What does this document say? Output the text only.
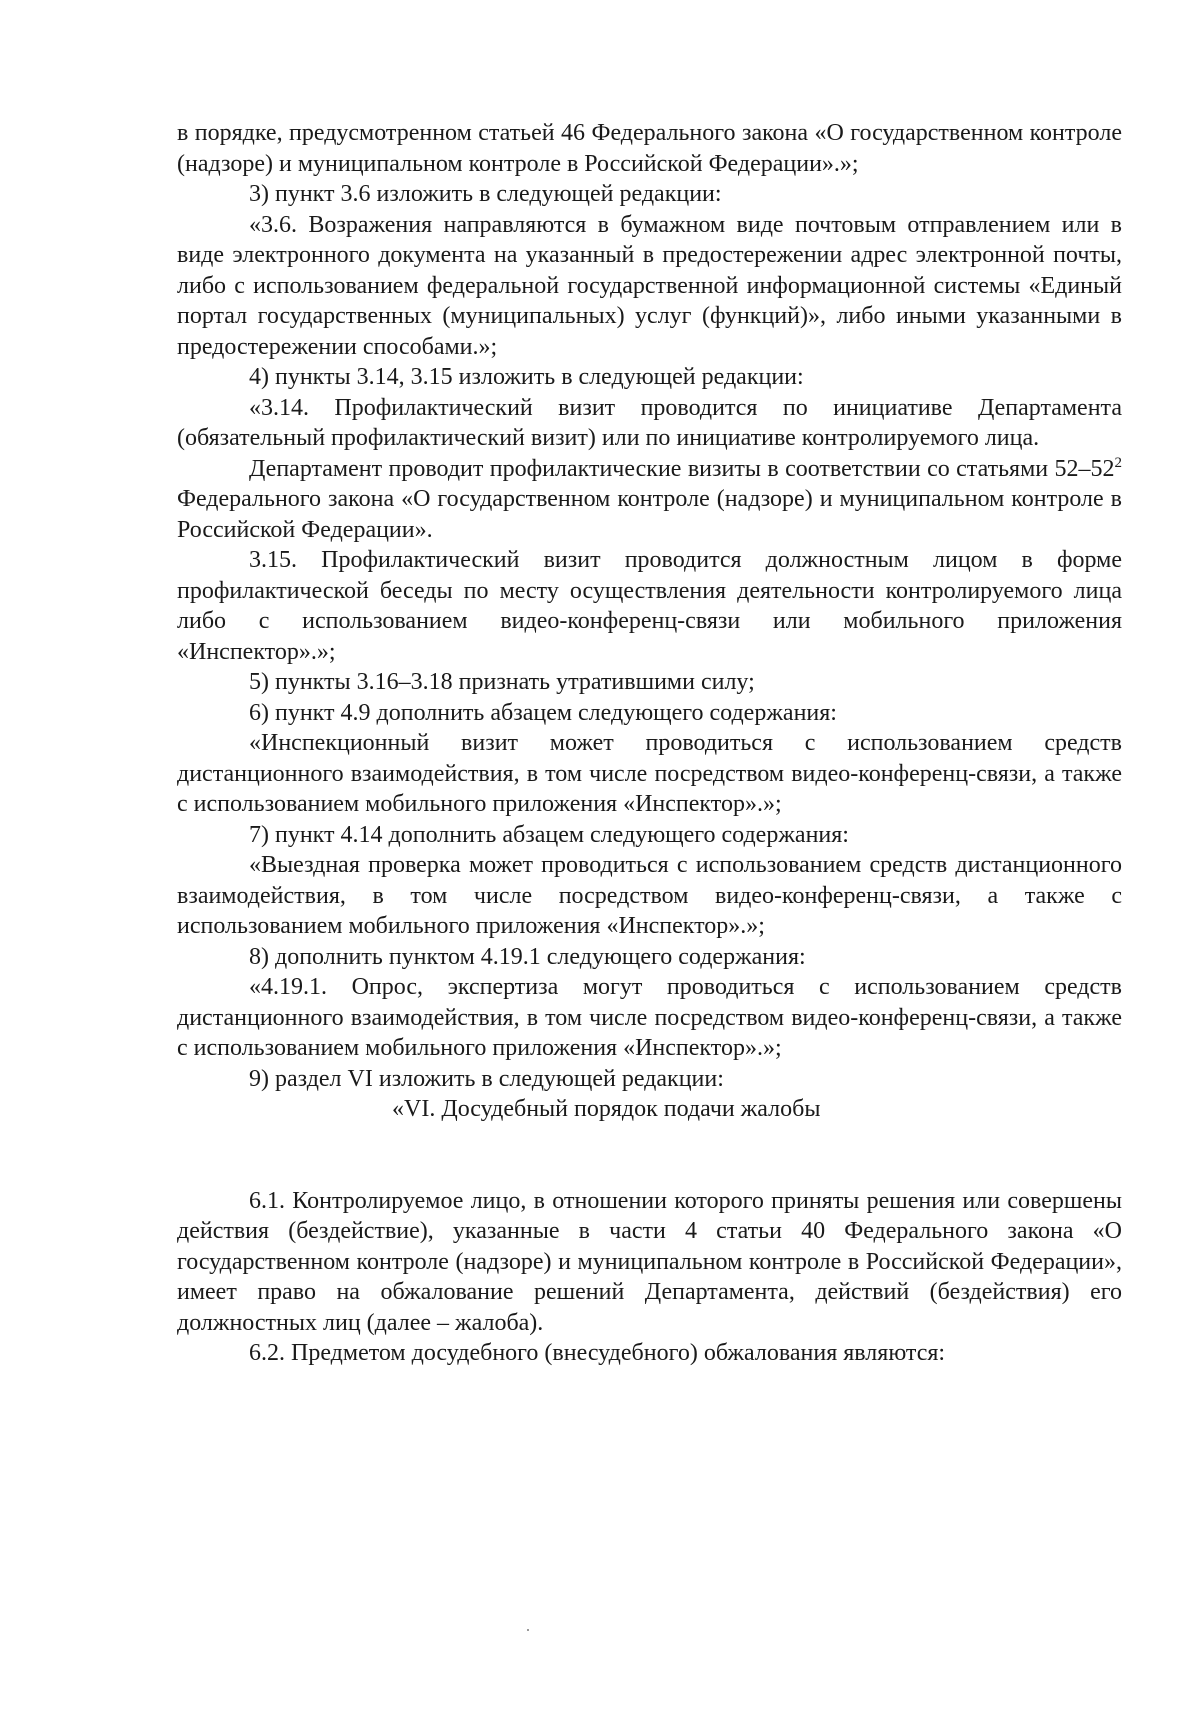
в порядке, предусмотренном статьей 46 Федерального закона «О государственном контроле (надзоре) и муниципальном контроле в Российской Федерации».»;

3) пункт 3.6 изложить в следующей редакции:

«3.6. Возражения направляются в бумажном виде почтовым отправлением или в виде электронного документа на указанный в предостережении адрес электронной почты, либо с использованием федеральной государственной информационной системы «Единый портал государственных (муниципальных) услуг (функций)», либо иными указанными в предостережении способами.»;

4) пункты 3.14, 3.15 изложить в следующей редакции:

«3.14. Профилактический визит проводится по инициативе Департамента (обязательный профилактический визит) или по инициативе контролируемого лица.

Департамент проводит профилактические визиты в соответствии со статьями $52-52^2$ Федерального закона «О государственном контроле (надзоре) и муниципальном контроле в Российской Федерации».

3.15. Профилактический визит проводится должностным лицом в форме профилактической беседы по месту осуществления деятельности контролируемого лица либо с использованием видео-конференц-связи или мобильного приложения «Инспектор».»;

5) пункты 3.16–3.18 признать утратившими силу;

6) пункт 4.9 дополнить абзацем следующего содержания:

«Инспекционный визит может проводиться с использованием средств дистанционного взаимодействия, в том числе посредством видео-конференц-связи, а также с использованием мобильного приложения «Инспектор».»;

7) пункт 4.14 дополнить абзацем следующего содержания:

«Выездная проверка может проводиться с использованием средств дистанционного взаимодействия, в том числе посредством видео-конференц-связи, а также с использованием мобильного приложения «Инспектор».»;

8) дополнить пунктом 4.19.1 следующего содержания:

«4.19.1. Опрос, экспертиза могут проводиться с использованием средств дистанционного взаимодействия, в том числе посредством видео-конференц-связи, а также с использованием мобильного приложения «Инспектор».»;

9) раздел VI изложить в следующей редакции:

«VI. Досудебный порядок подачи жалобы

6.1. Контролируемое лицо, в отношении которого приняты решения или совершены действия (бездействие), указанные в части 4 статьи 40 Федерального закона «О государственном контроле (надзоре) и муниципальном контроле в Российской Федерации», имеет право на обжалование решений Департамента, действий (бездействия) его должностных лиц (далее – жалоба).

6.2. Предметом досудебного (внесудебного) обжалования являются:
